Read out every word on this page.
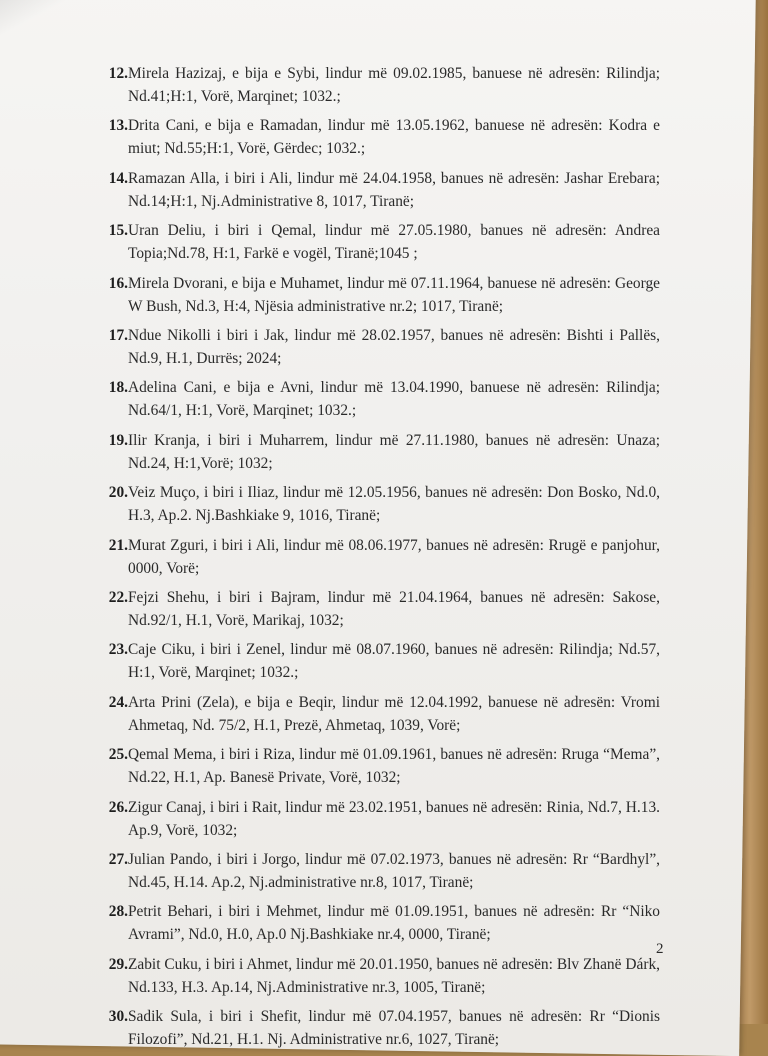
12. Mirela Hazizaj, e bija e Sybi, lindur më 09.02.1985, banuese në adresën: Rilindja; Nd.41;H:1, Vorë, Marqinet; 1032.;
13. Drita Cani, e bija e Ramadan, lindur më 13.05.1962, banuese në adresën: Kodra e miut; Nd.55;H:1, Vorë, Gërdec; 1032.;
14. Ramazan Alla, i biri i Ali, lindur më 24.04.1958, banues në adresën: Jashar Erebara; Nd.14;H:1, Nj.Administrative 8, 1017, Tiranë;
15. Uran Deliu, i biri i Qemal, lindur më 27.05.1980, banues në adresën: Andrea Topia;Nd.78, H:1, Farkë e vogël, Tiranë;1045 ;
16. Mirela Dvorani, e bija e Muhamet, lindur më 07.11.1964, banuese në adresën: George W Bush, Nd.3, H:4, Njësia administrative nr.2; 1017, Tiranë;
17. Ndue Nikolli i biri i Jak, lindur më 28.02.1957, banues në adresën: Bishti i Pallës, Nd.9, H.1, Durrës; 2024;
18. Adelina Cani, e bija e Avni, lindur më 13.04.1990, banuese në adresën: Rilindja; Nd.64/1, H:1, Vorë, Marqinet; 1032.;
19. Ilir Kranja, i biri i Muharrem, lindur më 27.11.1980, banues në adresën: Unaza; Nd.24, H:1,Vorë; 1032;
20. Veiz Muço, i biri i Iliaz, lindur më 12.05.1956, banues në adresën: Don Bosko, Nd.0, H.3, Ap.2. Nj.Bashkiake 9, 1016, Tiranë;
21. Murat Zguri, i biri i Ali, lindur më 08.06.1977, banues në adresën: Rrugë e panjohur, 0000, Vorë;
22. Fejzi Shehu, i biri i Bajram, lindur më 21.04.1964, banues në adresën: Sakose, Nd.92/1, H.1, Vorë, Marikaj, 1032;
23. Caje Ciku, i biri i Zenel, lindur më 08.07.1960, banues në adresën: Rilindja; Nd.57, H:1, Vorë, Marqinet; 1032.;
24. Arta Prini (Zela), e bija e Beqir, lindur më 12.04.1992, banuese në adresën: Vromi Ahmetaq, Nd. 75/2, H.1, Prezë, Ahmetaq, 1039, Vorë;
25. Qemal Mema, i biri i Riza, lindur më 01.09.1961, banues në adresën: Rruga “Mema”, Nd.22, H.1, Ap. Banesë Private, Vorë, 1032;
26. Zigur Canaj, i biri i Rait, lindur më 23.02.1951, banues në adresën: Rinia, Nd.7, H.13. Ap.9, Vorë, 1032;
27. Julian Pando, i biri i Jorgo, lindur më 07.02.1973, banues në adresën: Rr “Bardhyl”, Nd.45, H.14. Ap.2, Nj.administrative nr.8, 1017, Tiranë;
28. Petrit Behari, i biri i Mehmet, lindur më 01.09.1951, banues në adresën: Rr “Niko Avrami”, Nd.0, H.0, Ap.0 Nj.Bashkiake nr.4, 0000, Tiranë;
29. Zabit Cuku, i biri i Ahmet, lindur më 20.01.1950, banues në adresën: Blv Zhanë Dárk, Nd.133, H.3. Ap.14, Nj.Administrative nr.3, 1005, Tiranë;
30. Sadik Sula, i biri i Shefit, lindur më 07.04.1957, banues në adresën: Rr “Dionis Filozofi”, Nd.21, H.1. Nj. Administrative nr.6, 1027, Tiranë;
2
